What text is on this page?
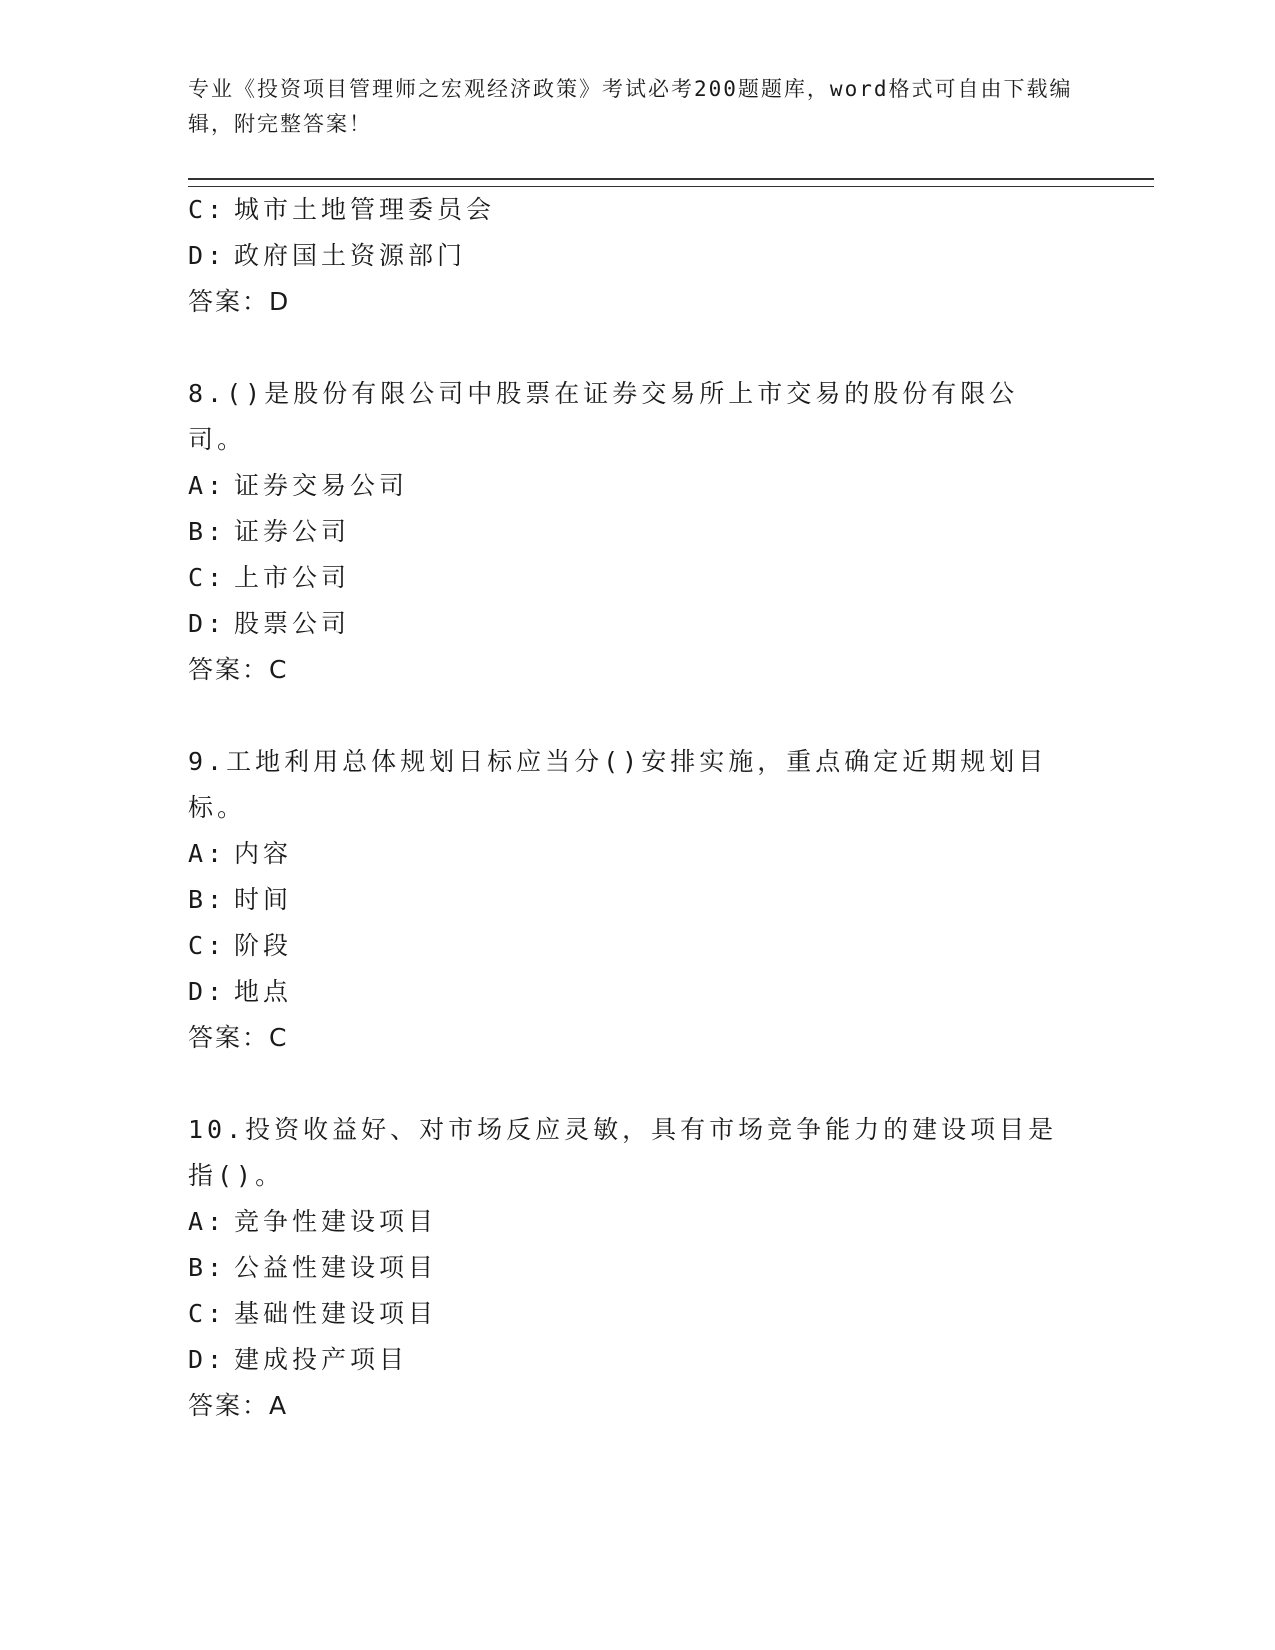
专业《投资项目管理师之宏观经济政策》考试必考200题题库，word格式可自由下载编辑，附完整答案！
C: 城市土地管理委员会
D: 政府国土资源部门
答案：D
8.()是股份有限公司中股票在证券交易所上市交易的股份有限公司。
A: 证券交易公司
B: 证券公司
C: 上市公司
D: 股票公司
答案：C
9.工地利用总体规划日标应当分()安排实施，重点确定近期规划目标。
A: 内容
B: 时间
C: 阶段
D: 地点
答案：C
10.投资收益好、对市场反应灵敏，具有市场竞争能力的建设项目是指()。
A: 竞争性建设项目
B: 公益性建设项目
C: 基础性建设项目
D: 建成投产项目
答案：A
